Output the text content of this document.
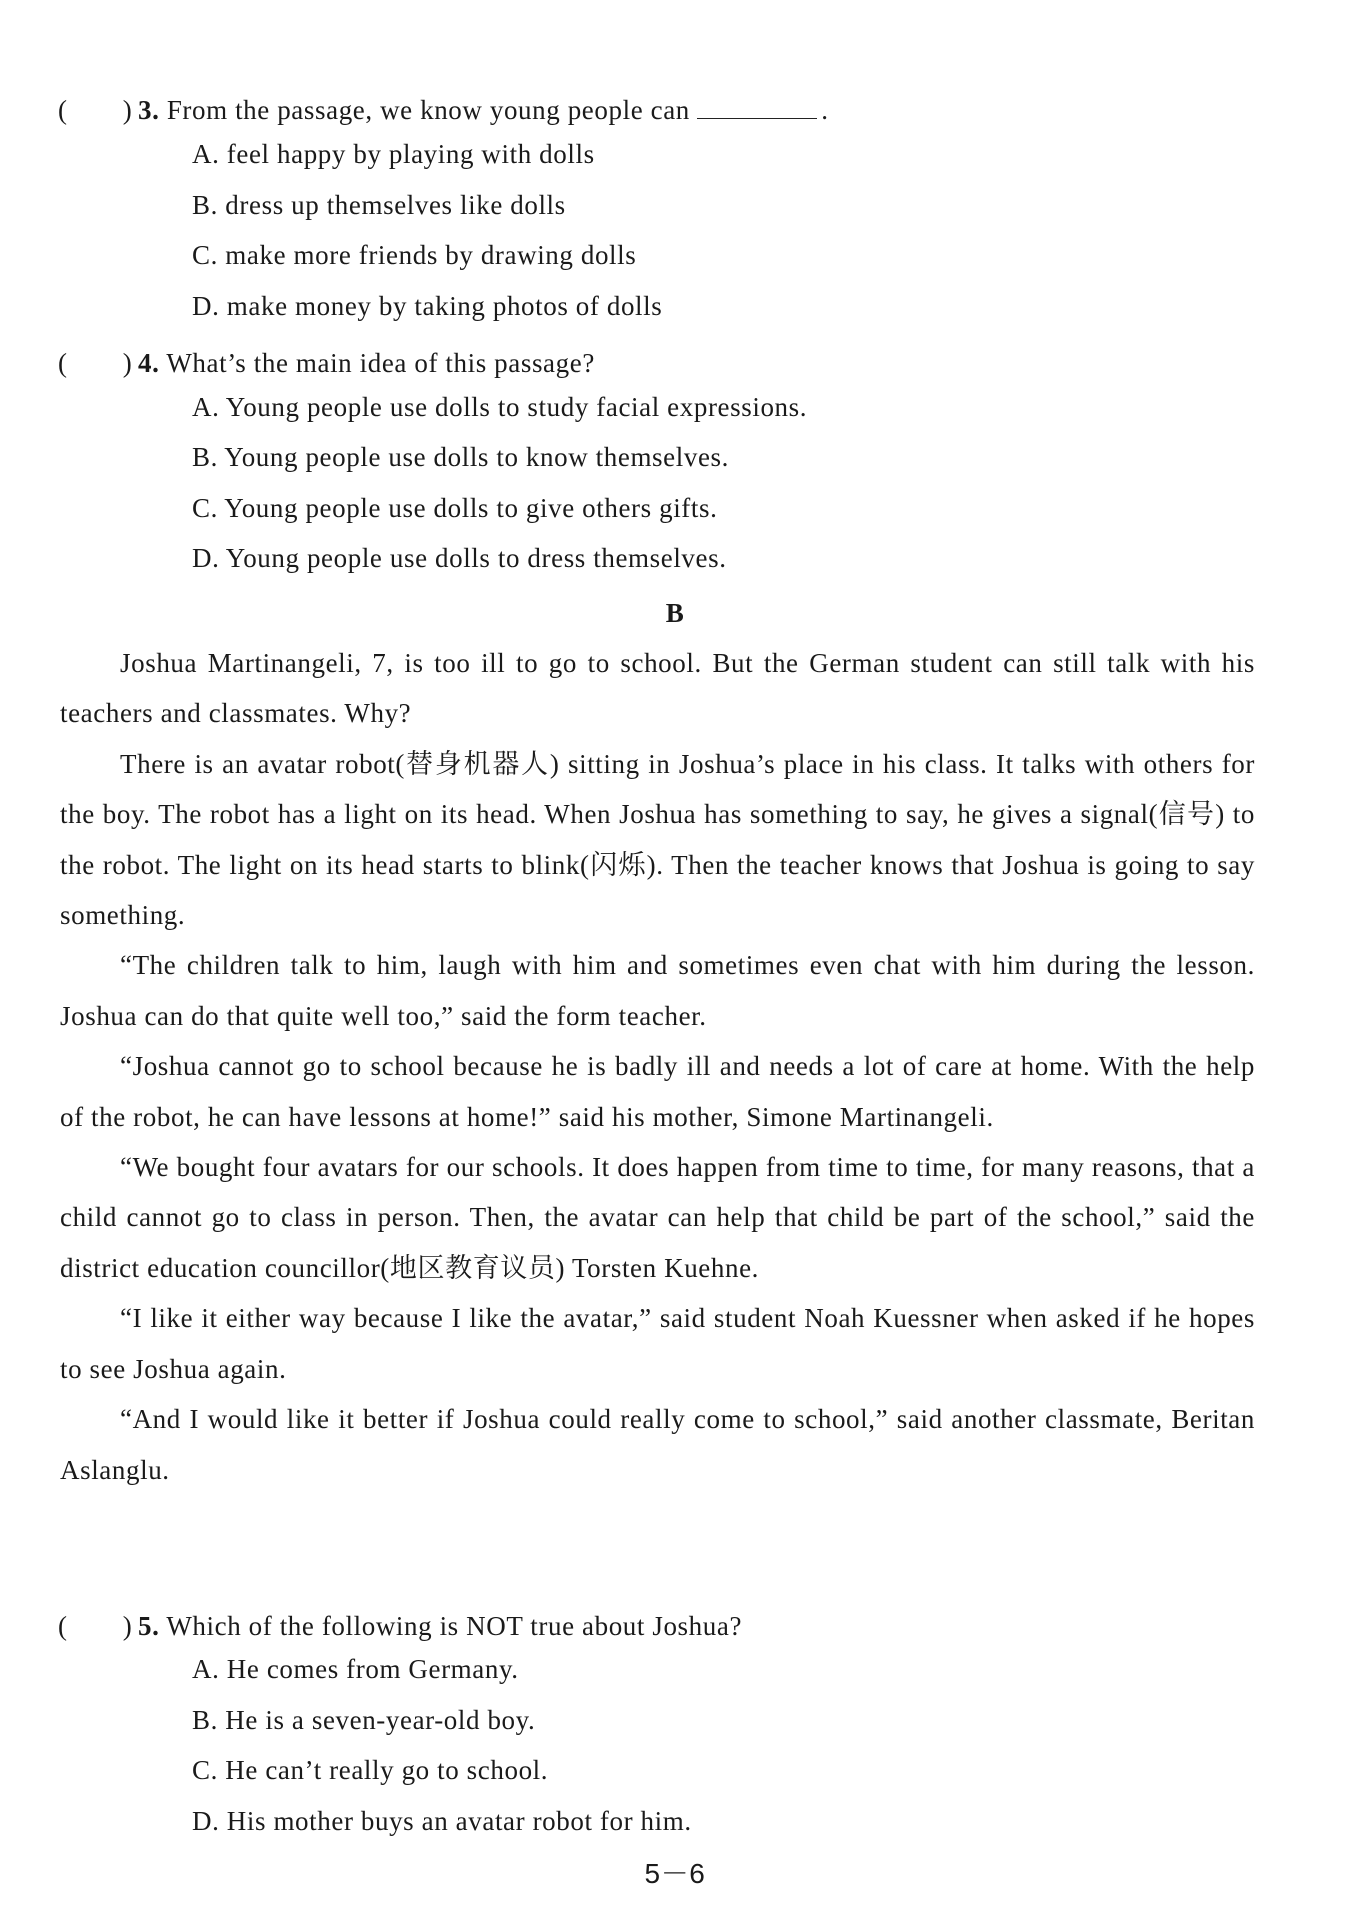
(　　) 3. From the passage, we know young people can	.
A. feel happy by playing with dolls
B. dress up themselves like dolls
C. make more friends by drawing dolls
D. make money by taking photos of dolls
(　　) 4. What’s the main idea of this passage?
A. Young people use dolls to study facial expressions.
B. Young people use dolls to know themselves.
C. Young people use dolls to give others gifts.
D. Young people use dolls to dress themselves.
B

Joshua Martinangeli, 7, is too ill to go to school. But the German student can still talk with his teachers and classmates. Why?

There is an avatar robot(替身机器人) sitting in Joshua’s place in his class. It talks with others for the boy. The robot has a light on its head. When Joshua has something to say, he gives a signal(信号) to the robot. The light on its head starts to blink(闪烁). Then the teacher knows that Joshua is going to say something.

“The children talk to him, laugh with him and sometimes even chat with him during the lesson. Joshua can do that quite well too,” said the form teacher.

“Joshua cannot go to school because he is badly ill and needs a lot of care at home. With the help of the robot, he can have lessons at home!” said his mother, Simone Martinangeli.

“We bought four avatars for our schools. It does happen from time to time, for many reasons, that a child cannot go to class in person. Then, the avatar can help that child be part of the school,” said the district education councillor(地区教育议员) Torsten Kuehne.

“I like it either way because I like the avatar,” said student Noah Kuessner when asked if he hopes to see Joshua again.

“And I would like it better if Joshua could really come to school,” said another classmate, Beritan Aslanglu.

(　　) 5. Which of the following is NOT true about Joshua?
A. He comes from Germany.
B. He is a seven-year-old boy.
C. He can’t really go to school.
D. His mother buys an avatar robot for him.
5－6
